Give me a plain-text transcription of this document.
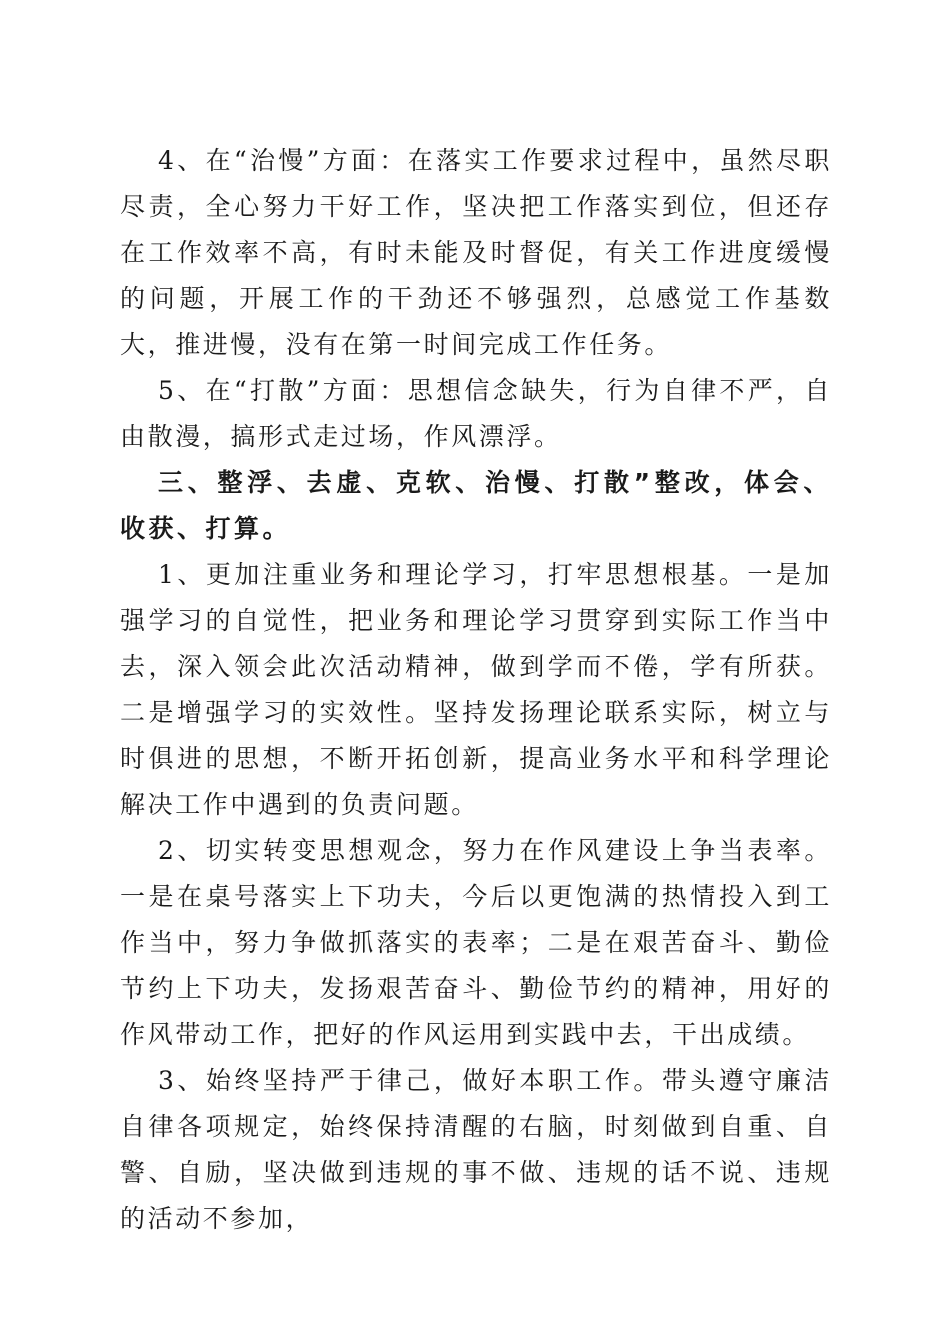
4、在“治慢”方面：在落实工作要求过程中，虽然尽职尽责，全心努力干好工作，坚决把工作落实到位，但还存在工作效率不高，有时未能及时督促，有关工作进度缓慢的问题，开展工作的干劲还不够强烈，总感觉工作基数大，推进慢，没有在第一时间完成工作任务。

5、在“打散”方面：思想信念缺失，行为自律不严，自由散漫，搞形式走过场，作风漂浮。

三、整浮、去虚、克软、治慢、打散”整改，体会、收获、打算。

1、更加注重业务和理论学习，打牢思想根基。一是加强学习的自觉性，把业务和理论学习贯穿到实际工作当中去，深入领会此次活动精神，做到学而不倦，学有所获。二是增强学习的实效性。坚持发扬理论联系实际，树立与时俱进的思想，不断开拓创新，提高业务水平和科学理论解决工作中遇到的负责问题。

2、切实转变思想观念，努力在作风建设上争当表率。一是在桌号落实上下功夫，今后以更饱满的热情投入到工作当中，努力争做抓落实的表率；二是在艰苦奋斗、勤俭节约上下功夫，发扬艰苦奋斗、勤俭节约的精神，用好的作风带动工作，把好的作风运用到实践中去，干出成绩。

3、始终坚持严于律己，做好本职工作。带头遵守廉洁自律各项规定，始终保持清醒的右脑，时刻做到自重、自警、自励，坚决做到违规的事不做、违规的话不说、违规的活动不参加，
